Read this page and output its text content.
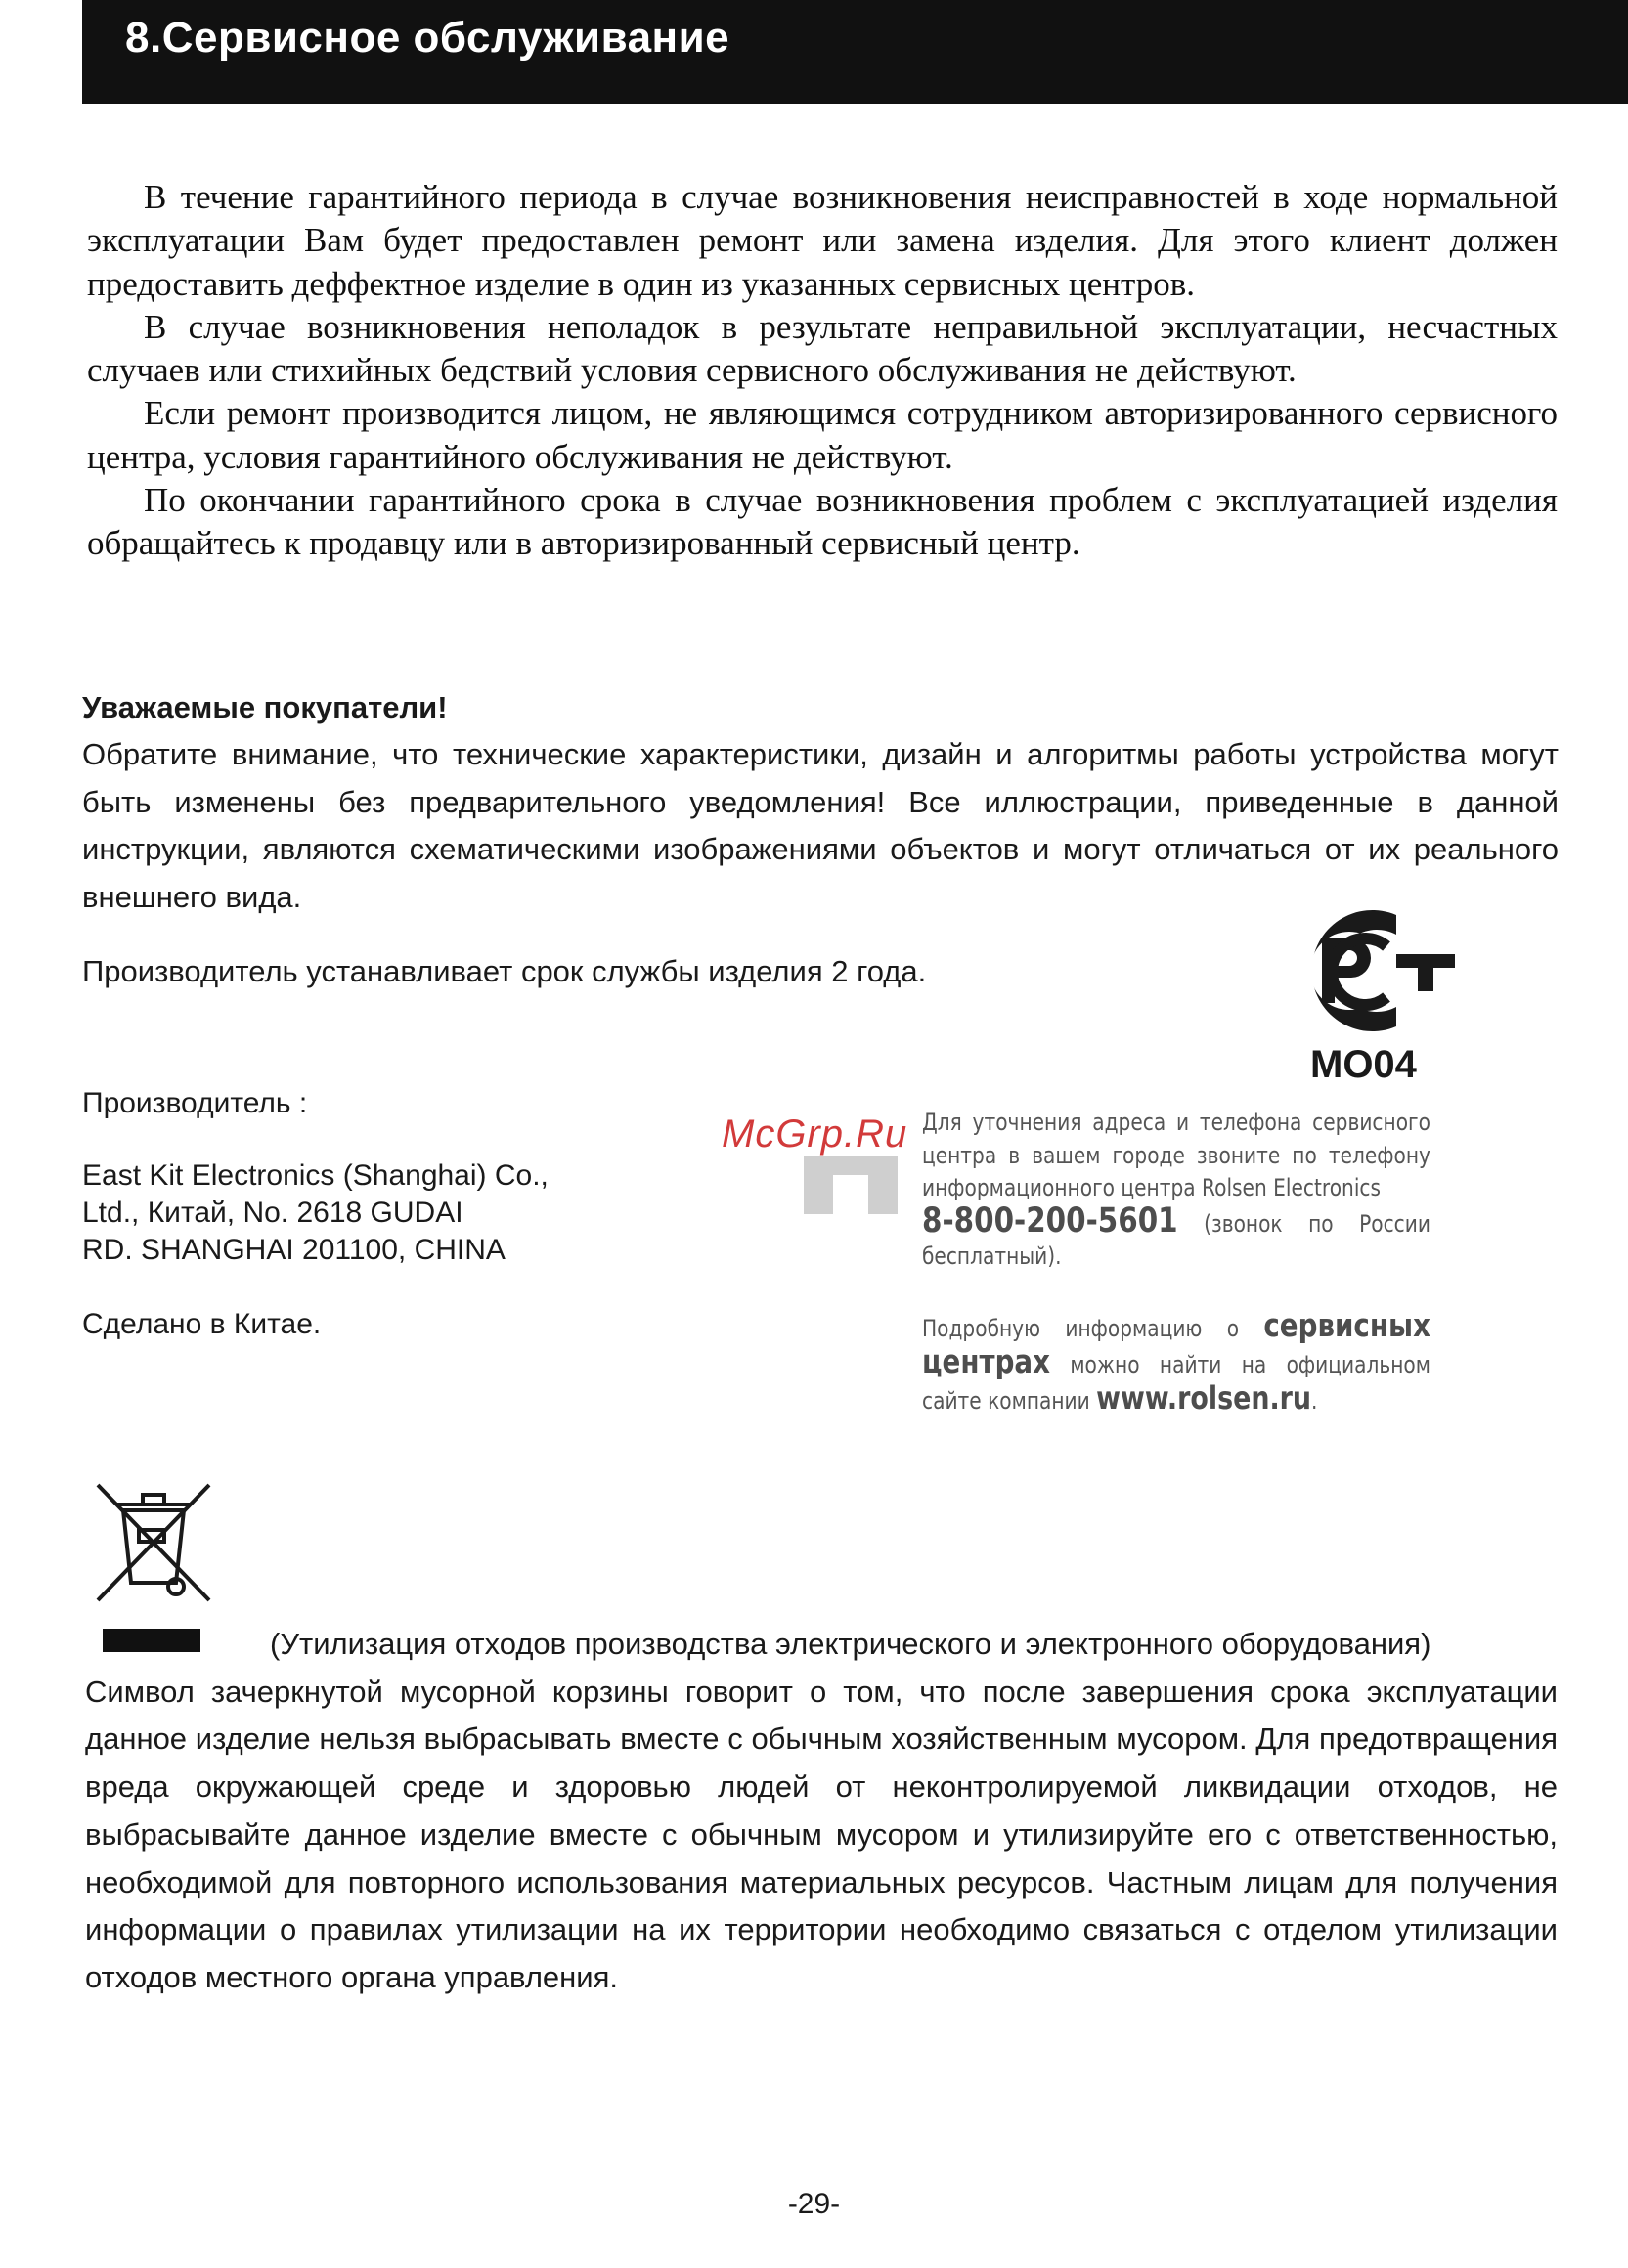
8.Сервисное обслуживание

В течение гарантийного периода в случае возникновения неисправностей в ходе нормальной эксплуатации Вам будет предоставлен ремонт или замена изделия. Для этого клиент должен предоставить деффектное изделие в один из указанных сервисных центров.

В случае возникновения неполадок в результате неправильной эксплуатации, несчастных случаев или стихийных бедствий условия сервисного обслуживания не действуют.

Если ремонт производится лицом, не являющимся сотрудником авторизированного сервисного центра, условия гарантийного обслуживания не действуют.

По окончании гарантийного срока в случае возникновения проблем с эксплуатацией изделия обращайтесь к продавцу или в авторизированный сервисный центр.

Уважаемые покупатели!
Обратите внимание, что технические характеристики, дизайн и алгоритмы работы устройства могут быть изменены без предварительного уведомления! Все иллюстрации, приведенные в данной инструкции, являются схематическими изображениями объектов и могут отличаться от их реального внешнего вида.
Производитель устанавливает срок службы изделия 2 года.
МО04
Производитель :
East Kit Electronics (Shanghai) Co.,
Ltd., Китай, No. 2618 GUDAI
RD. SHANGHAI 201100, CHINA
Сделано в Китае.
McGrp.Ru Для уточнения адреса и телефона сервисного центра в вашем городе звоните по телефону информационного центра Rolsen Electronics
8-800-200-5601 (звонок по России бесплатный).

Подробную информацию о сервисных центрах можно найти на официальном сайте компании www.rolsen.ru.

(Утилизация отходов производства электрического и электронного оборудования)

Символ зачеркнутой мусорной корзины говорит о том, что после завершения срока эксплуатации данное изделие нельзя выбрасывать вместе с обычным хозяйственным мусором. Для предотвращения вреда окружающей среде и здоровью людей от неконтролируемой ликвидации отходов, не выбрасывайте данное изделие вместе с обычным мусором и утилизируйте его с ответственностью, необходимой для повторного использования материальных ресурсов. Частным лицам для получения информации о правилах утилизации на их территории необходимо связаться с отделом утилизации отходов местного органа управления.

-29-
